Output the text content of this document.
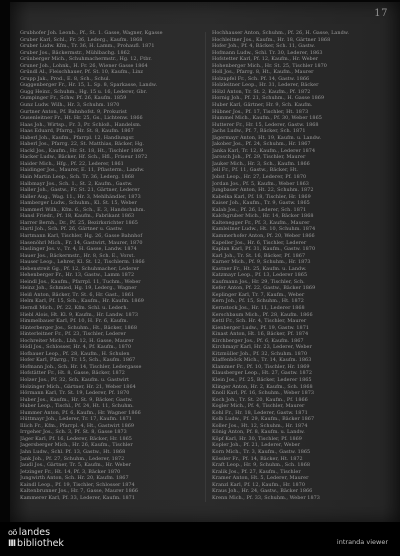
17
Grubhofer Joh. Leonh., Pf., St. 1. Gasse, Wagner, Kgasse
Gruber Karl, Schl., Fr. 36, Lederg., Kaufm. 1868
Gruber Ludw. Kfm., Tr. 36, H. Lamm., Prohaufl. 1871
Gruber Jos., Bäckermstr., Mühlbachg. 1862
Grünberger Mich., Schuhmachermstr., Hg. 12, Ftbr.
Gruner Joh., Lohnk., H. Fr. 26, Wiener Gasse 1864
Gründl Al., Fleischhauer, Pf. St. 10, Kaufm., Linz
Grupp Jak., Prod., E. 8, Sch., Schul.
Guggenberger Fr., Hr. 15, L. Sp. 8, Sparkasse, Landw.
Gugg Heinr., Schuhm., Hg. 15 u. 16, Lederer, Gbr.
Gumpinger Fr., Schw. Pf. 26, Kaufm. 1859
Gunz Ludw. Wilh., Hr. 3, Schuhm. 1870
Gurtner Anton, Pf. Bahnhofst. 9, Prokurist
Gusenleitner Fr., Ht. Hr. 25, Gs., Lichtenw. 1866
Haas Joh., Wirtsp., Fr. 3, Pr. Schloß., Handelsm.
Haas Eduard, Pfarrg., Hr. St. 8, Kaufm. 1867
Haberl Joh., Kaufm., Pfarrpl. 12, Handlungsr.
Haberl Jos., Pfarrg. 22, St. Matthias, Bäcker, Hg.
Hackl Jos., Kaufm., Hr. St. 18, Ht., Tischler 1869
Hacker Ludw., Bäcker, Hf. Sch., Hfl., Friseur 1872
Haider Mich., Hfg., Pf. 22, Lederer, 1861
Haidinger Jos., Maurer, E. 11, Pflasterm., Landw.
Hain Martin Leop., Sch. Tr. 36, Lederg. 1868
Halbmayr Jos., Sch. 1., St. 2, Kaufm., Gastw.
Haller Joh., Gastw., Fr. St. 21, Gärtner, Lederer
Haller Aug., Wag. 11., Hr. 3, Mehlhändler, 1873
Hamberger Ludw., Schuhm., Kl. St. 15, Weber
Hammerl Wilh., Kfm. 6., Sch., E. 3, Handschuhm.
Hansl Friedr., Pf. 18, Kaufm., Fabrikant 1863
Harrer Bernh., Dr., Pf. 25, Bezirksrichter 1865
Hartl Joh., Sch. Pf. 26, Gärtner u. Gastw.
Hartmann Karl, Tischler, Hg. 26, Gasse Bahnhof
Hasenöhrl Mich., Fr. 14, Gastwirt, Maurer, 1870
Haslinger Jos. v., Tr. 4, H. Gasse, Landw. 1874
Hauer Jos., Bäckermstr., Hr. 8, Sch. E., Vorst.
Hauser Leop., Lehrer, Kl. St. 12, Tischlerm. 1866
Hebenstreit Gg., Pf. 12, Schuhmacher, Lederer
Hehenberger Fr., Hr. 13, Gastw., Lamm 1872
Heindl Jos., Kaufm., Pfarrpl. 11, Tuchm., Weber
Heinz Joh., Schmied, Hg. 19, Lederg., Wagner
Heiß Anton, Bäcker, Tr. St. 6, Hr. Gast., 1861
Helm Karl, Pf. 15, Sch., Kaufm., Hr. Kaufm. 1869
Herndl Mich., Pf. 22, Kfm. Schl. u. Lederh.
Hiebl Alois, Ht. Kl. 9, Kaufm., Hr. Landw. 1873
Himmelbauer Karl, Pf. 10, H. Fr. 6, Kaufm.
Hinterberger Jos., Schuhm., Ht., Bäcker, 1868
Hinterleitner Fr., Pf. 23, Tischler, Lederer
Hochreiter Mich., Lbh. 12, H. Gasse, Maurer
Hödl Jos., Schlosser, Hr. 4, Pf. Kaufm., 1870
Hofbauer Leop., Pf. 28, Kaufm., H. Schulen
Hofer Karl, Pfarrg., Tr. 15, Sch., Kaufm. 1867
Hofmann Joh., Sch. Hr. 14, Tischler, Ledergasse
Hofstätter Fr., Ht. 8, Gasse, Bäcker, 1872
Holzer Jos., Pf. 32, Sch. Kaufm. u. Gastwirt
Holzinger Mich., Gärtner, Hr. 21, Weber 1864
Hörmann Karl, Tr. St. 19, Lederer, Pf. 1870
Huber Jos., Kaufm., Hr. St. 9, Bäcker, Gastw.
Huber Leop., Tischl., Pf. 24, Ht. 11, Schuhm.
Hummer Anton, Pf. 6, Kaufm., Hr. Wagner 1866
Hüttmayr Joh., Lederer, Tr. 17, Kaufm. 1871
Illich Fr., Kfm., Pfarrpl. 4, Ht., Gastwirt 1869
Irrgeher Jos., Sch. 3, Pf. St. 8, Gasse 1873
Jäger Karl, Pf. 16, Lederer, Bäcker, Hr. 1865
Jagersberger Mich., Hr. 26, Kaufm., Tischler
Jahn Ludw., Schl. Pf. 13, Gastw., Ht. 1868
Jank Joh., Pf. 27, Schuhm., Lederer, 1872
Jaudl Jos., Gärtner, Tr. 5, Kaufm., Hr. Weber
Jetzinger Fr., Ht. 14, Pf. 3, Bäcker 1870
Jungwirth Anton, Sch. Hr. 20, Kaufm. 1867
Kaindl Leop., Pf. 19, Tischler, Schlosser 1874
Kaltenbrunner Jos., Hr. 7, Gasse, Maurer 1866
Kammerer Karl, Pf. 33, Lederer, Kaufm. 1871
Hochhauser Anton, Schuhm., Pf. 26, H. Gasse, Landw.
Hochleitner Jos., Kaufm., Hr. 18, Gärtner 1868
Hofer Joh., Pf. 4, Bäcker, Sch. 11, Gastw.
Hofmann Ludw., Schl. Tr. 30, Lederer, 1863
Hofstetter Karl, Pf. 12, Kaufm., Hr. Weber
Hohenberger Mich., Hr. St. 25, Tischler 1870
Holl Jos., Pfarrg. 8, Ht., Kaufm., Maurer
Holzapfel Fr., Sch. Pf. 14, Gastw. 1866
Holzleitner Leop., Hr. 31, Lederer, Bäcker
Hölzl Anton, Tr. St. 2, Kaufm., Pf. 1872
Hornig Joh., Pf. 21, Schuhm., H. Gasse 1869
Huber Karl, Gärtner, Hr. 9, Sch. Kaufm.
Hübner Jos., Pf. 17, Tischler, Ht. 1873
Hummel Mich., Kaufm., Pf. 30, Weber 1865
Hutterer Fr., Hr. 15, Lederer, Gastw. 1868
Jachs Ludw., Pf. 7, Bäcker, Sch. 1871
Jägermayr Anton, Ht. 19, Kaufm. u. Landw.
Jakober Jos., Pf. 24, Schuhm., Hr. 1867
Janka Karl, Tr. 12, Kaufm., Lederer 1874
Jarosch Joh., Pf. 29, Tischler, Maurer
Jauker Mich., Hr. 3, Sch., Kaufm. 1866
Jell Fr., Pf. 11, Gastw., Bäcker, Ht.
Jobst Leop., Hr. 27, Lederer, Pf. 1870
Jordan Jos., Pf. 5, Kaufm., Weber 1863
Jungbauer Anton, Ht. 22, Schuhm. 1872
Kabelka Karl, Pf. 18, Tischler, Hr. 1869
Kaiser Joh., Kaufm., Tr. 9, Gastw. 1865
Kalab Jos., Pf. 26, Lederer, Sch. 1871
Kalchgruber Mich., Hr. 14, Bäcker 1868
Kaltenegger Fr., Pf. 3, Kaufm., Maurer
Kamleitner Ludw., Ht. 10, Schuhm. 1874
Kammerhofer Anton, Pf. 20, Weber 1866
Kapeller Jos., Hr. 6, Tischler, Lederer
Kaplan Karl, Pf. 31, Kaufm., Gastw. 1870
Karl Joh., Tr. St. 16, Bäcker, Pf. 1867
Karner Mich., Pf. 9, Schuhm., Hr. 1873
Kastner Fr., Ht. 25, Kaufm. u. Landw.
Katzmayr Leop., Pf. 13, Lederer 1865
Kaufmann Jos., Hr. 29, Tischler, Sch.
Kefer Anton, Pf. 22, Gastw., Bäcker 1869
Keplinger Karl, Tr. 7, Kaufm., Weber
Kern Joh., Pf. 15, Schuhm., Ht. 1872
Kernstock Jos., Hr. 11, Lederer 1868
Kerschbaum Mich., Pf. 28, Kaufm. 1866
Kettl Fr., Sch. Hr. 4, Tischler, Maurer
Kienberger Ludw., Pf. 19, Gastw. 1871
Kinast Anton, Ht. 16, Bäcker, Pf. 1874
Kirchberger Jos., Pf. 6, Kaufm. 1867
Kirchmayr Karl, Hr. 23, Lederer, Weber
Kitzmüller Joh., Pf. 32, Schuhm. 1870
Klaffenböck Mich., Tr. 14, Kaufm. 1863
Klammer Fr., Pf. 10, Tischler, Hr. 1869
Klausberger Leop., Ht. 27, Gastw. 1872
Klein Jos., Pf. 25, Bäcker, Lederer 1865
Klinger Anton, Hr. 2, Kaufm., Sch. 1868
Knoll Karl, Pf. 16, Schuhm., Weber 1873
Koch Joh., Tr. St. 20, Kaufm., Pf. 1866
Kogler Mich., Pf. 4, Tischler, Maurer
Kohl Fr., Hr. 18, Lederer, Gastw. 1871
Kolb Ludw., Pf. 29, Kaufm., Bäcker 1867
Koller Jos., Ht. 12, Schuhm., Hr. 1874
König Anton, Pf. 8, Kaufm. u. Landw.
Köpf Karl, Hr. 30, Tischler, Pf. 1869
Kopler Joh., Pf. 21, Lederer, Weber
Korn Mich., Tr. 3, Kaufm., Gastw. 1865
Kössler Fr., Pf. 14, Bäcker, Ht. 1872
Kraft Leop., Hr. 9, Schuhm., Sch. 1868
Kralik Jos., Pf. 27, Kaufm., Tischler
Kramer Anton, Ht. 5, Lederer, Maurer
Kranzl Karl, Pf. 12, Kaufm., Hr. 1870
Kraus Joh., Hr. 24, Gastw., Bäcker 1866
Krenn Mich., Pf. 33, Schuhm., Weber 1873
oö landes
III bibliothek	intranda viewer
